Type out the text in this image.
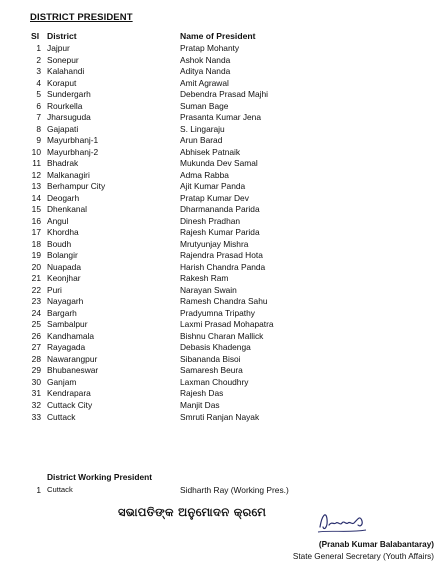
DISTRICT PRESIDENT
Sl District	Name of President
1 Jajpur	Pratap Mohanty
2 Sonepur	Ashok Nanda
3 Kalahandi	Aditya Nanda
4 Koraput	Amit Agrawal
5 Sundergarh	Debendra Prasad Majhi
6 Rourkella	Suman Bage
7 Jharsuguda	Prasanta Kumar Jena
8 Gajapati	S. Lingaraju
9 Mayurbhanj-1	Arun Barad
10 Mayurbhanj-2	Abhisek Patnaik
11 Bhadrak	Mukunda Dev Samal
12 Malkanagiri	Adma Rabba
13 Berhampur City	Ajit Kumar Panda
14 Deogarh	Pratap Kumar Dev
15 Dhenkanal	Dharmananda Parida
16 Angul	Dinesh Pradhan
17 Khordha	Rajesh Kumar Parida
18 Boudh	Mrutyunjay Mishra
19 Bolangir	Rajendra Prasad Hota
20 Nuapada	Harish Chandra Panda
21 Keonjhar	Rakesh Ram
22 Puri	Narayan Swain
23 Nayagarh	Ramesh Chandra Sahu
24 Bargarh	Pradyumna Tripathy
25 Sambalpur	Laxmi Prasad Mohapatra
26 Kandhamala	Bishnu Charan Mallick
27 Rayagada	Debasis Khadenga
28 Nawarangpur	Sibananda Bisoi
29 Bhubaneswar	Samaresh Beura
30 Ganjam	Laxman Choudhry
31 Kendrapara	Rajesh Das
32 Cuttack City	Manjit Das
33 Cuttack	Smruti Ranjan Nayak
District Working President
1 Cuttack	Sidharth Ray (Working Pres.)
ସଭାପତିଙ୍କ ଅନୁମୋଦନ କ୍ରମେ
(Pranab Kumar Balabantaray)
State General Secretary (Youth Affairs)
